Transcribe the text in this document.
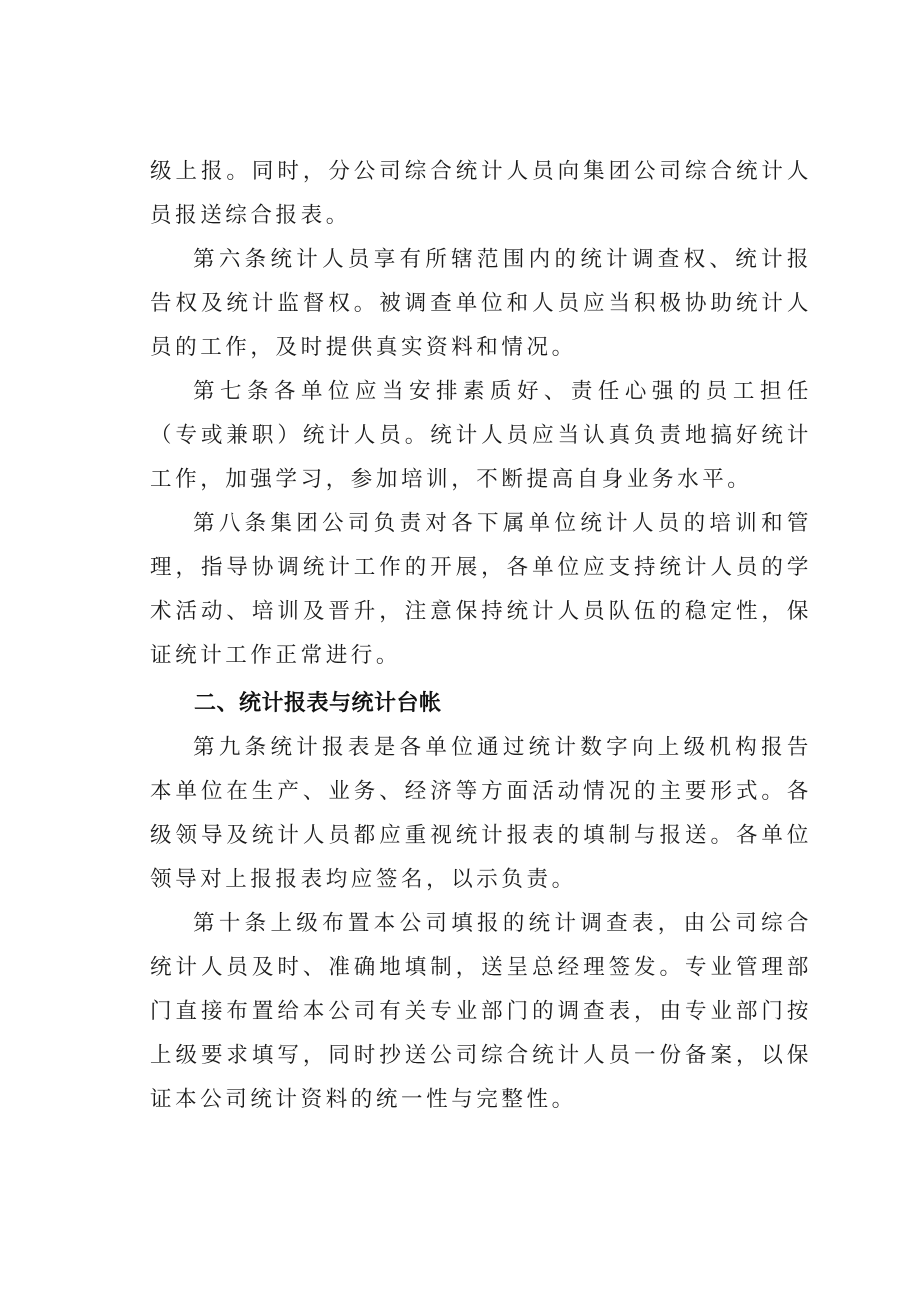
级上报。同时，分公司综合统计人员向集团公司综合统计人员报送综合报表。

第六条统计人员享有所辖范围内的统计调查权、统计报告权及统计监督权。被调查单位和人员应当积极协助统计人员的工作，及时提供真实资料和情况。

第七条各单位应当安排素质好、责任心强的员工担任（专或兼职）统计人员。统计人员应当认真负责地搞好统计工作，加强学习，参加培训，不断提高自身业务水平。

第八条集团公司负责对各下属单位统计人员的培训和管理，指导协调统计工作的开展，各单位应支持统计人员的学术活动、培训及晋升，注意保持统计人员队伍的稳定性，保证统计工作正常进行。

二、统计报表与统计台帐

第九条统计报表是各单位通过统计数字向上级机构报告本单位在生产、业务、经济等方面活动情况的主要形式。各级领导及统计人员都应重视统计报表的填制与报送。各单位领导对上报报表均应签名，以示负责。

第十条上级布置本公司填报的统计调查表，由公司综合统计人员及时、准确地填制，送呈总经理签发。专业管理部门直接布置给本公司有关专业部门的调查表，由专业部门按上级要求填写，同时抄送公司综合统计人员一份备案，以保证本公司统计资料的统一性与完整性。
